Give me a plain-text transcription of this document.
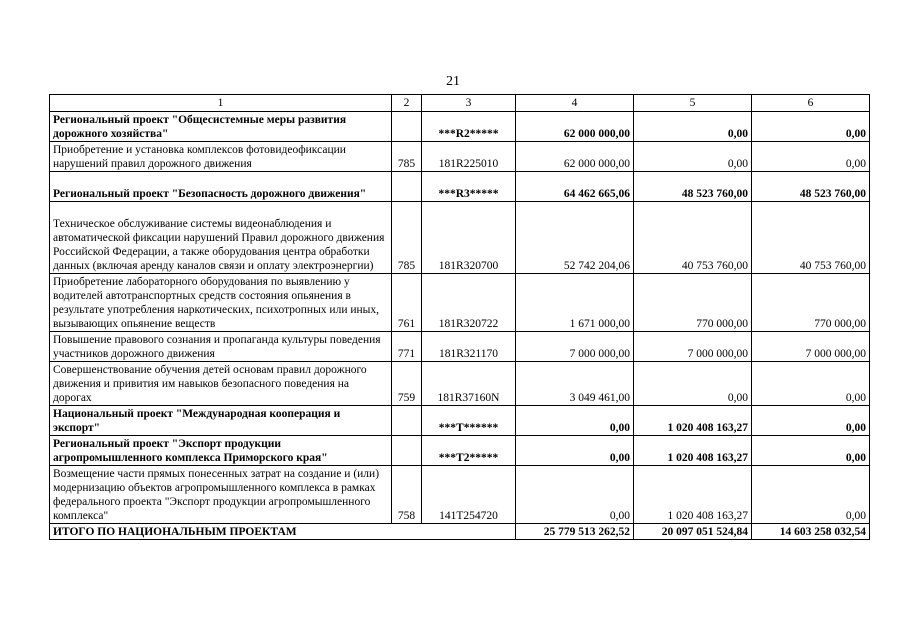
21
1	2	3	4	5	6
Региональный проект "Общесистемные меры развития дорожного хозяйства"		***R2*****	62 000 000,00	0,00	0,00
Приобретение и установка комплексов фотовидеофиксации нарушений правил дорожного движения	785	181R225010	62 000 000,00	0,00	0,00
Региональный проект "Безопасность дорожного движения"		***R3*****	64 462 665,06	48 523 760,00	48 523 760,00
Техническое обслуживание системы видеонаблюдения и автоматической фиксации нарушений Правил дорожного движения Российской Федерации, а также оборудования центра обработки данных (включая аренду каналов связи и оплату электроэнергии)	785	181R320700	52 742 204,06	40 753 760,00	40 753 760,00
Приобретение лабораторного оборудования по выявлению у водителей автотранспортных средств состояния опьянения в результате употребления наркотических, психотропных или иных, вызывающих опьянение веществ	761	181R320722	1 671 000,00	770 000,00	770 000,00
Повышение правового сознания и пропаганда культуры поведения участников дорожного движения	771	181R321170	7 000 000,00	7 000 000,00	7 000 000,00
Совершенствование обучения детей основам правил дорожного движения и привития им навыков безопасного поведения на дорогах	759	181R37160N	3 049 461,00	0,00	0,00
Национальный проект "Международная кооперация и экспорт"		***T******	0,00	1 020 408 163,27	0,00
Региональный проект "Экспорт продукции агропромышленного комплекса Приморского края"		***T2*****	0,00	1 020 408 163,27	0,00
Возмещение части прямых понесенных затрат на создание и (или) модернизацию объектов агропромышленного комплекса в рамках федерального проекта "Экспорт продукции агропромышленного комплекса"	758	141T254720	0,00	1 020 408 163,27	0,00
ИТОГО ПО НАЦИОНАЛЬНЫМ ПРОЕКТАМ			25 779 513 262,52	20 097 051 524,84	14 603 258 032,54
